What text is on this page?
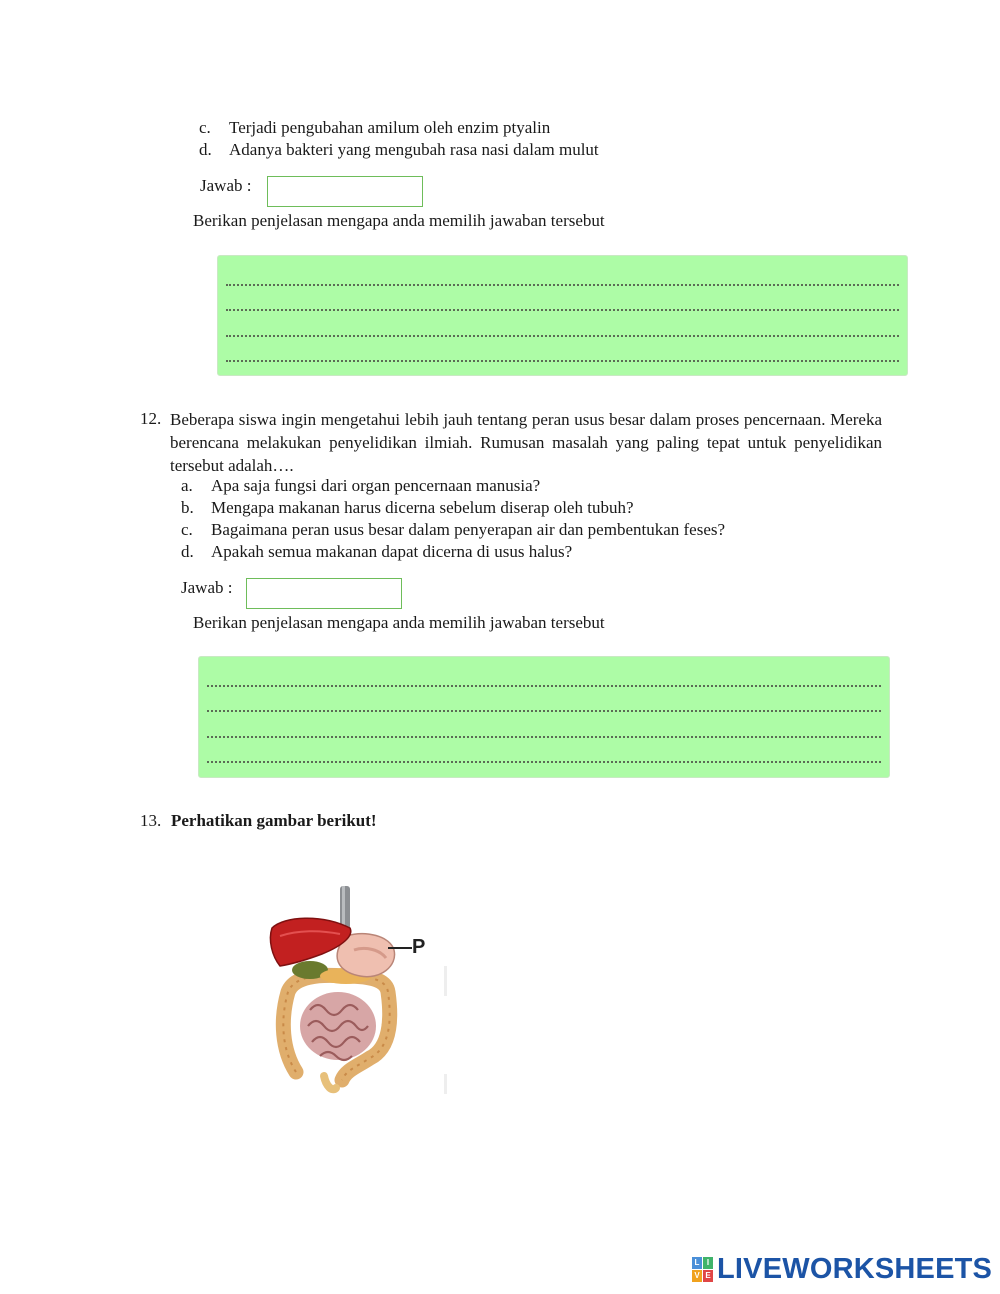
c. Terjadi pengubahan amilum oleh enzim ptyalin
d. Adanya bakteri yang mengubah rasa nasi dalam mulut
Jawab :
Berikan penjelasan mengapa anda memilih jawaban tersebut
12. Beberapa siswa ingin mengetahui lebih jauh tentang peran usus besar dalam proses pencernaan. Mereka berencana melakukan penyelidikan ilmiah. Rumusan masalah yang paling tepat untuk penyelidikan tersebut adalah….
a. Apa saja fungsi dari organ pencernaan manusia?
b. Mengapa makanan harus dicerna sebelum diserap oleh tubuh?
c. Bagaimana peran usus besar dalam penyerapan air dan pembentukan feses?
d. Apakah semua makanan dapat dicerna di usus halus?
Jawab :
Berikan penjelasan mengapa anda memilih jawaban tersebut
13. Perhatikan gambar berikut!
P
L I
V E LIVEWORKSHEETS
